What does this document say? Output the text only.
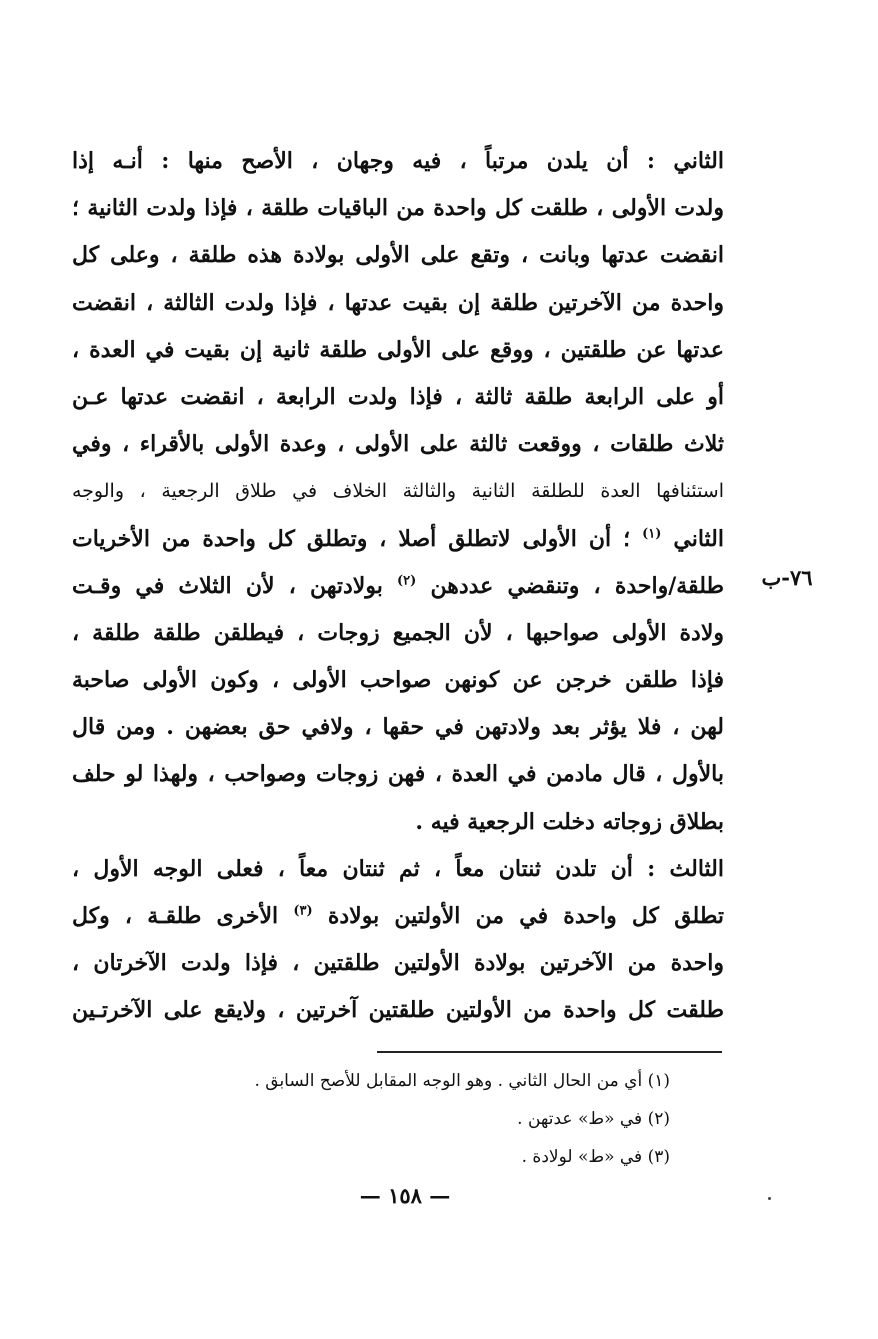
الثاني : أن يلدن مرتباً ، فيه وجهان ، الأصح منها : أنـه إذا
ولدت الأولى ، طلقت كل واحدة من الباقيات طلقة ، فإذا ولدت الثانية ؛
انقضت عدتها وبانت ، وتقع على الأولى بولادة هذه طلقة ، وعلى كل
واحدة من الآخرتين طلقة إن بقيت عدتها ، فإذا ولدت الثالثة ، انقضت
عدتها عن طلقتين ، ووقع على الأولى طلقة ثانية إن بقيت في العدة ،
أو على الرابعة طلقة ثالثة ، فإذا ولدت الرابعة ، انقضت عدتها عـن
ثلاث طلقات ، ووقعت ثالثة على الأولى ، وعدة الأولى بالأقراء ، وفي
استئنافها العدة للطلقة الثانية والثالثة الخلاف في طلاق الرجعية ، والوجه
الثاني $^{(١)}$ ؛ أن الأولى لاتطلق أصلا ، وتطلق كل واحدة من الأخريات
طلقة/واحدة ، وتنقضي عددهن $^{(٢)}$ بولادتهن ، لأن الثلاث في وقـت
ولادة الأولى صواحبها ، لأن الجميع زوجات ، فيطلقن طلقة طلقة ،
فإذا طلقن خرجن عن كونهن صواحب الأولى ، وكون الأولى صاحبة
لهن ، فلا يؤثر بعد ولادتهن في حقها ، ولافي حق بعضهن . ومن قال
بالأول ، قال مادمن في العدة ، فهن زوجات وصواحب ، ولهذا لو حلف
بطلاق زوجاته دخلت الرجعية فيه .
الثالث : أن تلدن ثنتان معاً ، ثم ثنتان معاً ، فعلى الوجه الأول ،
تطلق كل واحدة في من الأولتين بولادة $^{(٣)}$ الأخرى طلقـة ، وكل
واحدة من الآخرتين بولادة الأولتين طلقتين ، فإذا ولدت الآخرتان ،
طلقت كل واحدة من الأولتين طلقتين آخرتين ، ولايقع على الآخرتـين
٧٦-ب
(١) أي من الحال الثاني . وهو الوجه المقابل للأصح السابق .
(٢) في «ط» عدتهن .
(٣) في «ط» لولادة .
— ١٥٨ —
